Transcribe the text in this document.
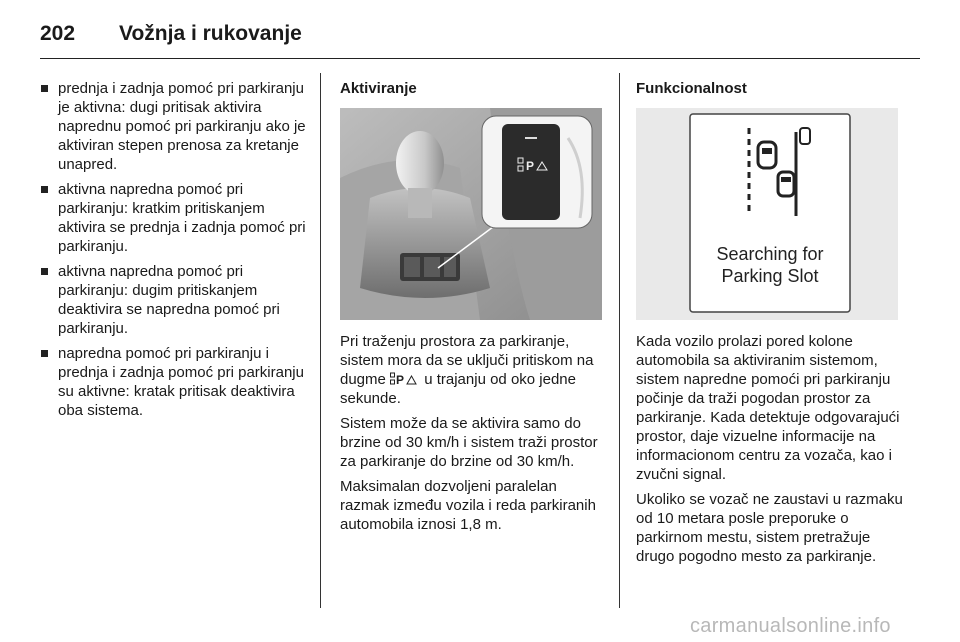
202 Vožnja i rukovanje
prednja i zadnja pomoć pri parkiranju je aktivna: dugi pritisak aktivira naprednu pomoć pri parkiranju ako je aktiviran stepen prenosa za kretanje unapred.
aktivna napredna pomoć pri parkiranju: kratkim pritiskanjem aktivira se prednja i zadnja pomoć pri parkiranju.
aktivna napredna pomoć pri parkiranju: dugim pritiskanjem deaktivira se napredna pomoć pri parkiranju.
napredna pomoć pri parkiranju i prednja i zadnja pomoć pri parkiranju su aktivne: kratak pritisak deaktivira oba sistema.
Aktiviranje
P

Pri traženju prostora za parkiranje, sistem mora da se uključi pritiskom na dugme P u trajanju od oko jedne sekunde.

Sistem može da se aktivira samo do brzine od 30 km/h i sistem traži prostor za parkiranje do brzine od 30 km/h.

Maksimalan dozvoljeni paralelan razmak između vozila i reda parkiranih automobila iznosi 1,8 m.

Funkcionalnost
Searching for
Parking Slot

Kada vozilo prolazi pored kolone automobila sa aktiviranim sistemom, sistem napredne pomoći pri parkiranju počinje da traži pogodan prostor za parkiranje. Kada detektuje odgovarajući prostor, daje vizuelne informacije na informacionom centru za vozača, kao i zvučni signal.

Ukoliko se vozač ne zaustavi u razmaku od 10 metara posle preporuke o parkirnom mestu, sistem pretražuje drugo pogodno mesto za parkiranje.

carmanualsonline.info
